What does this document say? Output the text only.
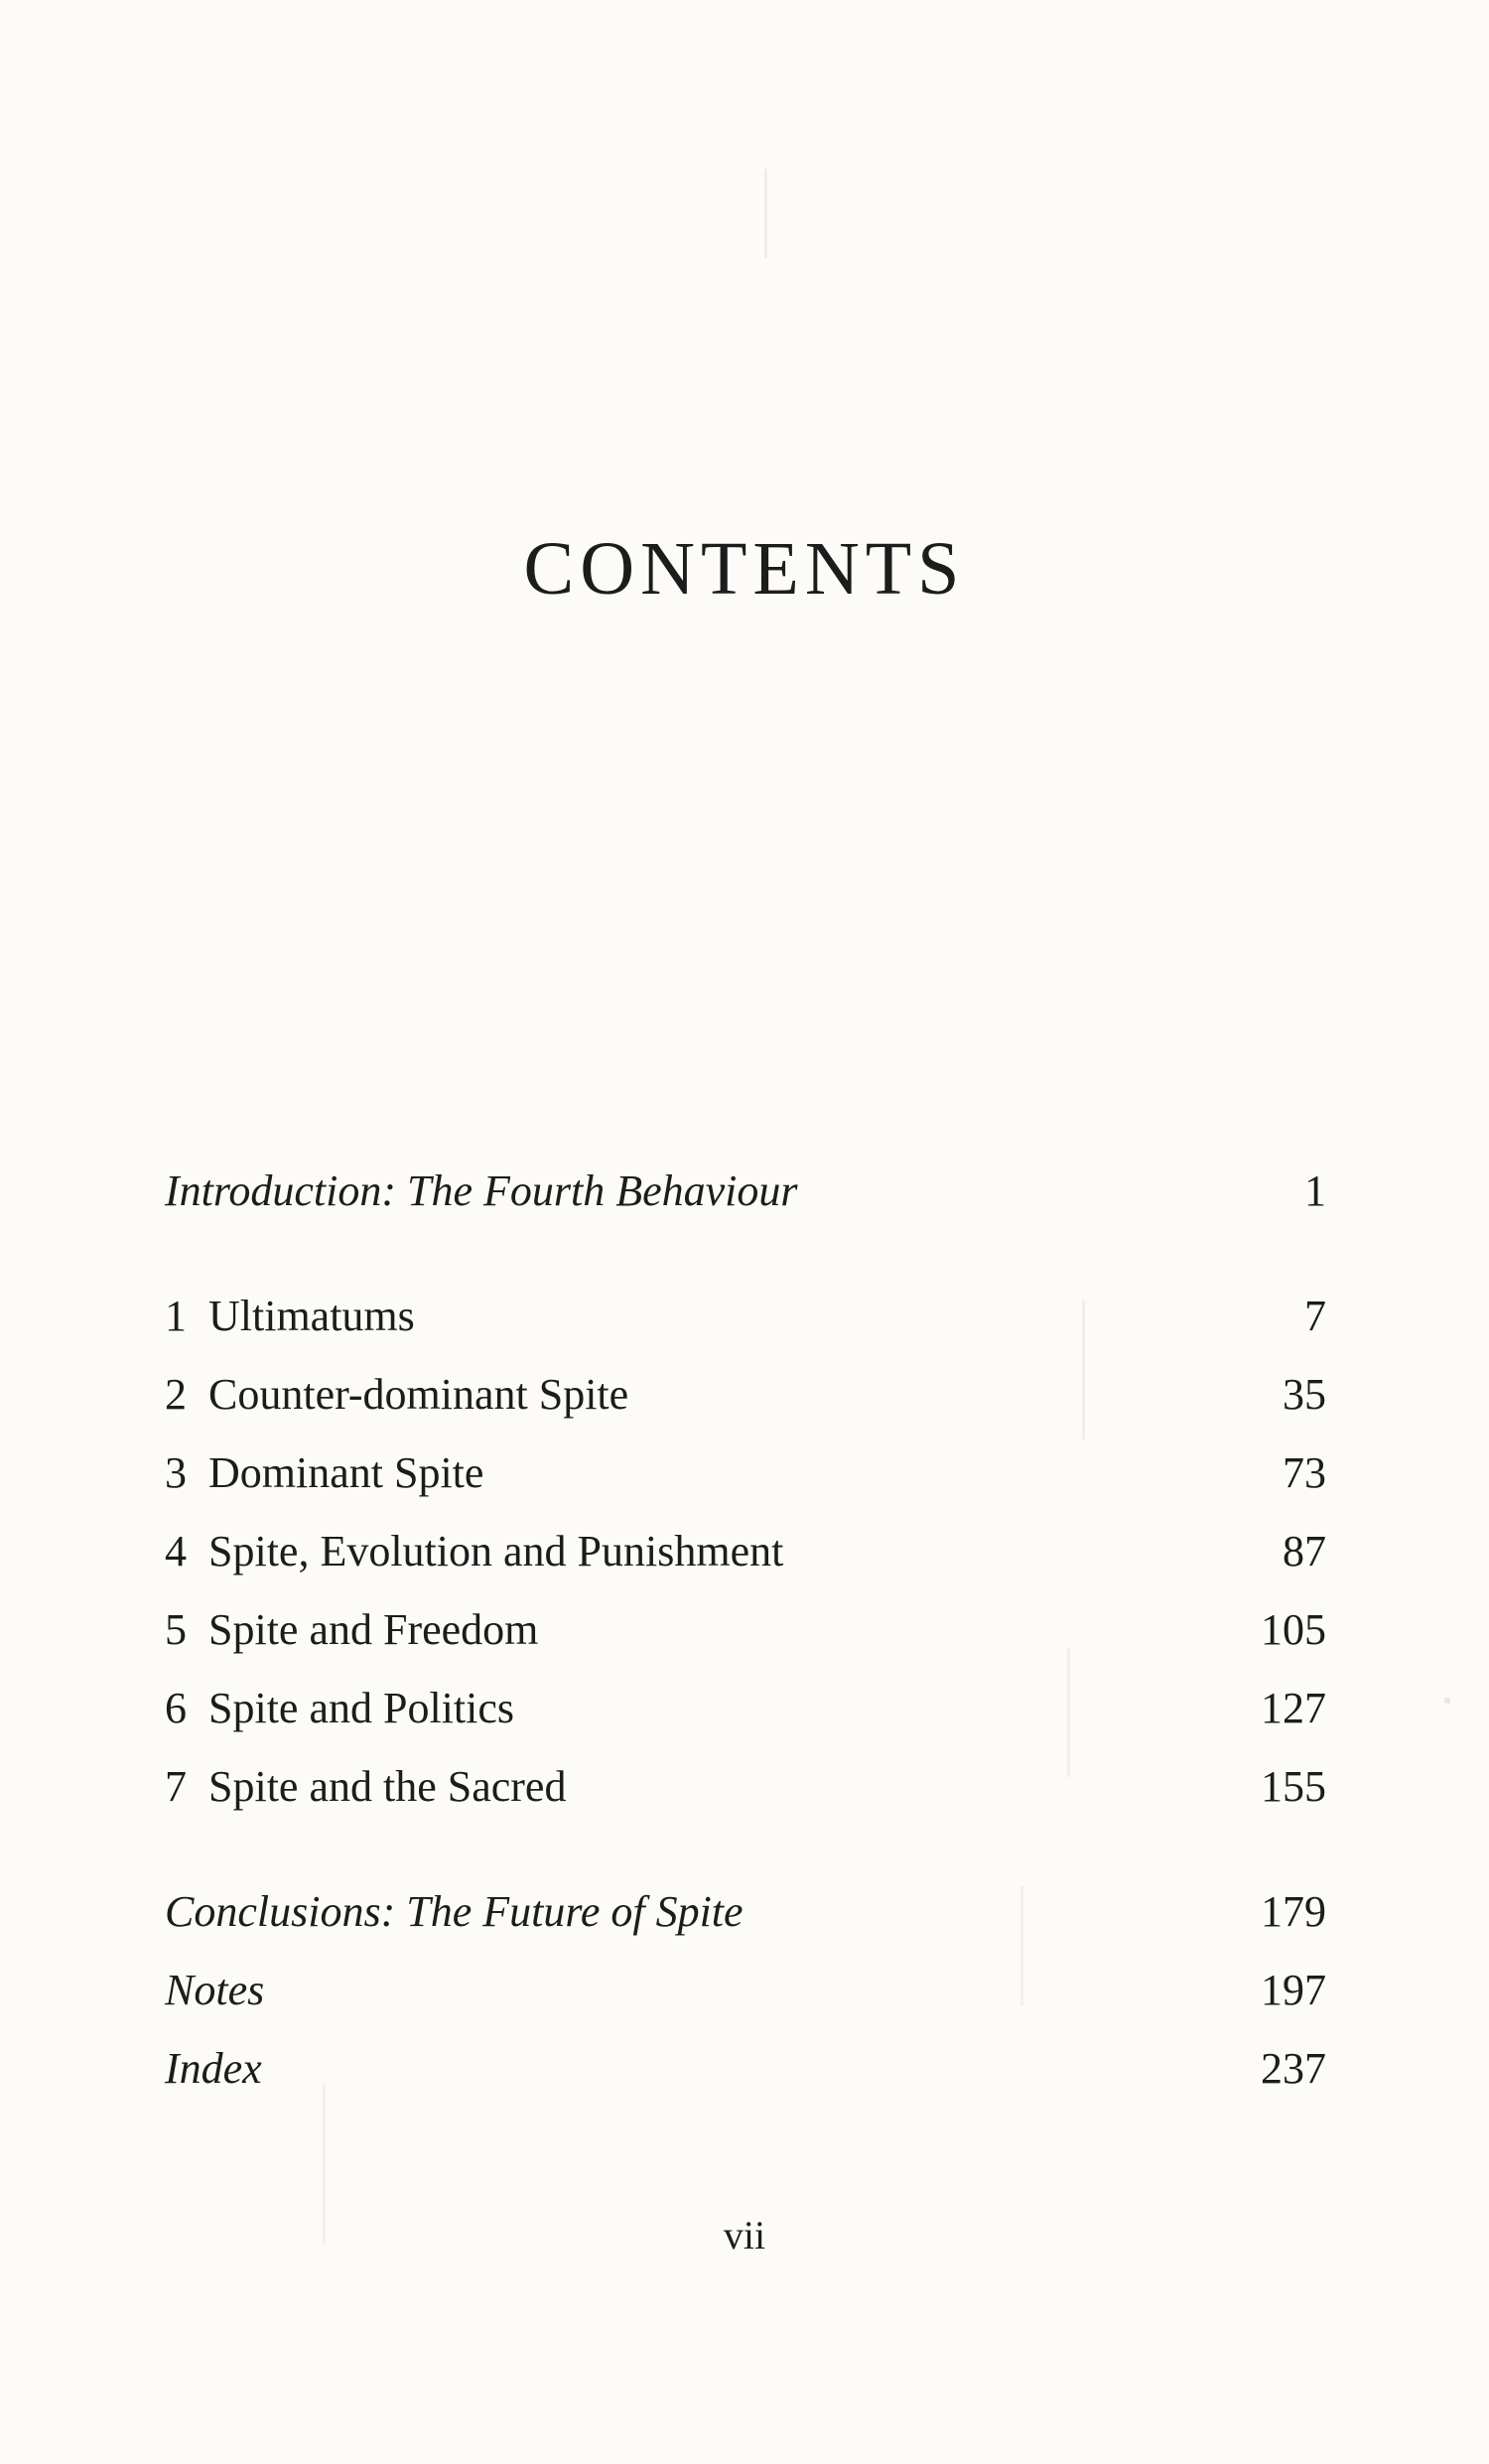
CONTENTS
Introduction: The Fourth Behaviour	1
1 Ultimatums	7
2 Counter-dominant Spite	35
3 Dominant Spite	73
4 Spite, Evolution and Punishment	87
5 Spite and Freedom	105
6 Spite and Politics	127
7 Spite and the Sacred	155
Conclusions: The Future of Spite	179
Notes	197
Index	237
vii
